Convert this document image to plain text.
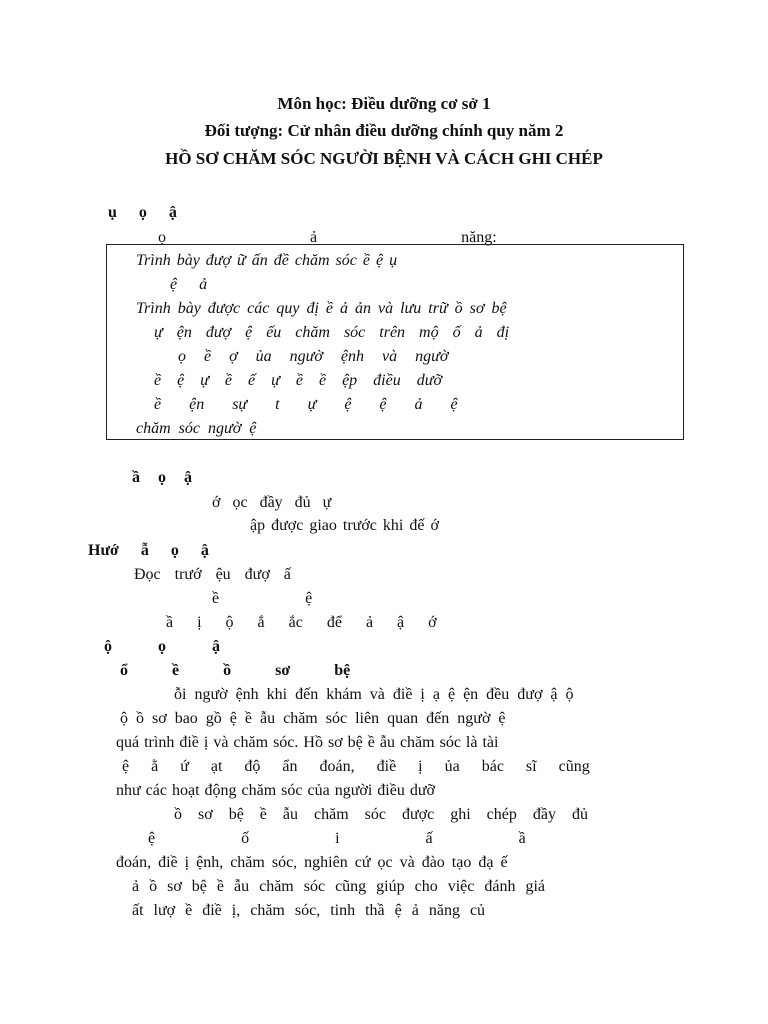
Môn học: Điều dưỡng cơ sở 1
Đối tượng: Cử nhân điều dưỡng chính quy năm 2
HỒ SƠ CHĂM SÓC NGƯỜI BỆNH VÀ CÁCH GHI CHÉP
ụ ọ ậ
ọ ả năng:
Trình bày đượ ữ ấn đề chăm sóc ề ệ ụ
ệ ả
Trình bày được các quy đị ề ả ản và lưu trữ ồ sơ bệ
ự ện đượ ệ ếu chăm sóc trên mộ ố ả đị
ọ ề ợ ủa ngườ ệnh và ngườ
ề ệ ự ề ế ự ề ề ệp điều dưỡ
ề ện sự t ự ệ ệ ả ệ
chăm sóc ngườ ệ
ầ ọ ậ
ớ ọc đầy đủ ự
ập được giao trước khi đế ớ
Hướ ẫ ọ ậ
Đọc trướ ệu đượ ấ
ề ệ
ầ ị ộ ắ ắc để ả ậ ớ
ộ ọ ậ
ổ ề ồ sơ bệ
ỗi ngườ ệnh khi đến khám và điề ị ạ ệ ện đều đượ ậ ộ
ộ ồ sơ bao gồ ệ ề ẫu chăm sóc liên quan đến ngườ ệ
quá trình điề ị và chăm sóc. Hồ sơ bệ ề ẫu chăm sóc là tài
ệ ằ ứ ạt độ ẩn đoán, điề ị ủa bác sĩ cũng
như các hoạt động chăm sóc của người điều dưỡ
ồ sơ bệ ề ẫu chăm sóc được ghi chép đầy đủ
ệ ố i ấ ầ
đoán, điề ị ệnh, chăm sóc, nghiên cứ ọc và đào tạo đạ ế
ả ồ sơ bệ ề ẫu chăm sóc cũng giúp cho việc đánh giá
ất lượ ề điề ị, chăm sóc, tinh thầ ệ ả năng củ
